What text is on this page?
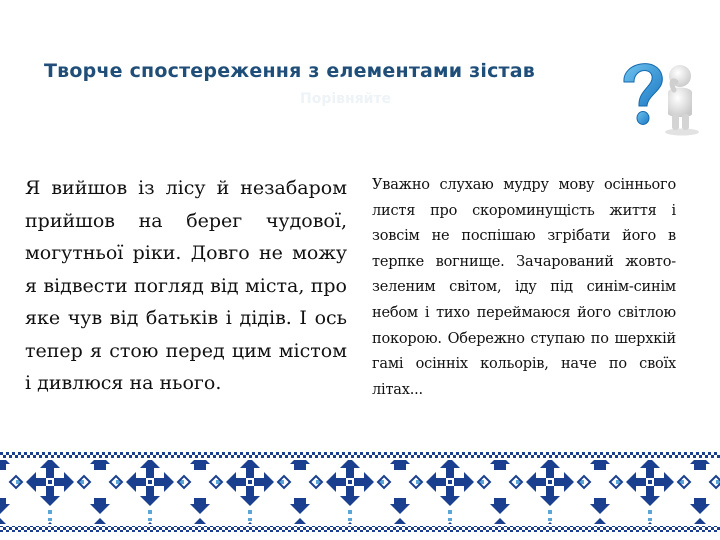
Творче спостереження з елементами зістав
Порівняйте
Я вийшов із лісу й незабаром прийшов на берег чудової, могутньої ріки. Довго не можу я відвести погляд від міста, про яке чув від батьків і дідів. І ось тепер я стою перед цим містом і дивлюся на нього.
Уважно слухаю мудру мову осіннього листя про скороминущість життя і зовсім не поспішаю згрібати його в терпке вогнище. Зачарований жовто-зеленим світом, іду під синім-синім небом і тихо переймаюся його світлою покорою. Обережно ступаю по шерхкій гамі осінніх кольорів, наче по своїх літах...
